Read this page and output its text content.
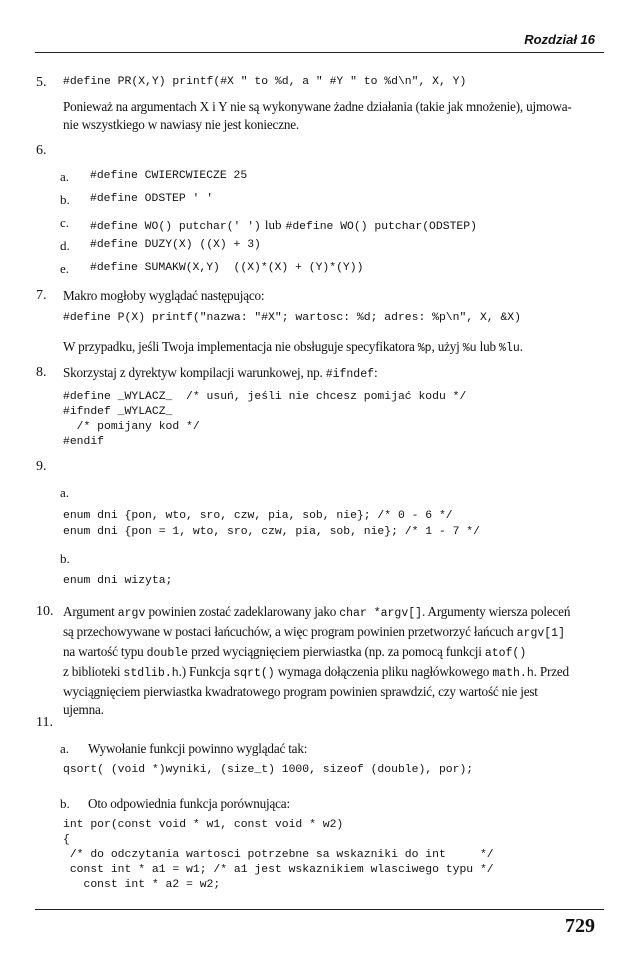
Rozdział 16
5. #define PR(X,Y) printf(#X " to %d, a " #Y " to %d\n", X, Y)
Ponieważ na argumentach X i Y nie są wykonywane żadne działania (takie jak mnożenie), ujmowa-
nie wszystkiego w nawiasy nie jest konieczne.
6.
a. #define CWIERCWIECZE 25
b. #define ODSTEP ' '
c. #define WO() putchar(' ') lub #define WO() putchar(ODSTEP)
d. #define DUZY(X) ((X) + 3)
e. #define SUMAKW(X,Y)  ((X)*(X) + (Y)*(Y))
7. Makro mogłoby wyglądać następująco:
#define P(X) printf("nazwa: "#X"; wartosc: %d; adres: %p\n", X, &X)
W przypadku, jeśli Twoja implementacja nie obsługuje specyfikatora %p, użyj %u lub %lu.
8. Skorzystaj z dyrektyw kompilacji warunkowej, np. #ifndef:
#define _WYLACZ_  /* usuń, jeśli nie chcesz pomijać kodu */
#ifndef _WYLACZ_
/* pomijany kod */
#endif
9.
a.
enum dni {pon, wto, sro, czw, pia, sob, nie}; /* 0 - 6 */
enum dni {pon = 1, wto, sro, czw, pia, sob, nie}; /* 1 - 7 */
b.
enum dni wizyta;
10. Argument argv powinien zostać zadeklarowany jako char *argv[]. Argumenty wiersza poleceń
są przechowywane w postaci łańcuchów, a więc program powinien przetworzyć łańcuch argv[1]
na wartość typu double przed wyciągnięciem pierwiastka (np. za pomocą funkcji atof()
z biblioteki stdlib.h.) Funkcja sqrt() wymaga dołączenia pliku nagłówkowego math.h. Przed
wyciągnięciem pierwiastka kwadratowego program powinien sprawdzić, czy wartość nie jest
ujemna.
11.
a. Wywołanie funkcji powinno wyglądać tak:
qsort( (void *)wyniki, (size_t) 1000, sizeof (double), por);
b. Oto odpowiednia funkcja porównująca:
int por(const void * w1, const void * w2)
{
/* do odczytania wartosci potrzebne sa wskazniki do int     */
const int * a1 = w1; /* a1 jest wskaznikiem wlasciwego typu */
const int * a2 = w2;
729
